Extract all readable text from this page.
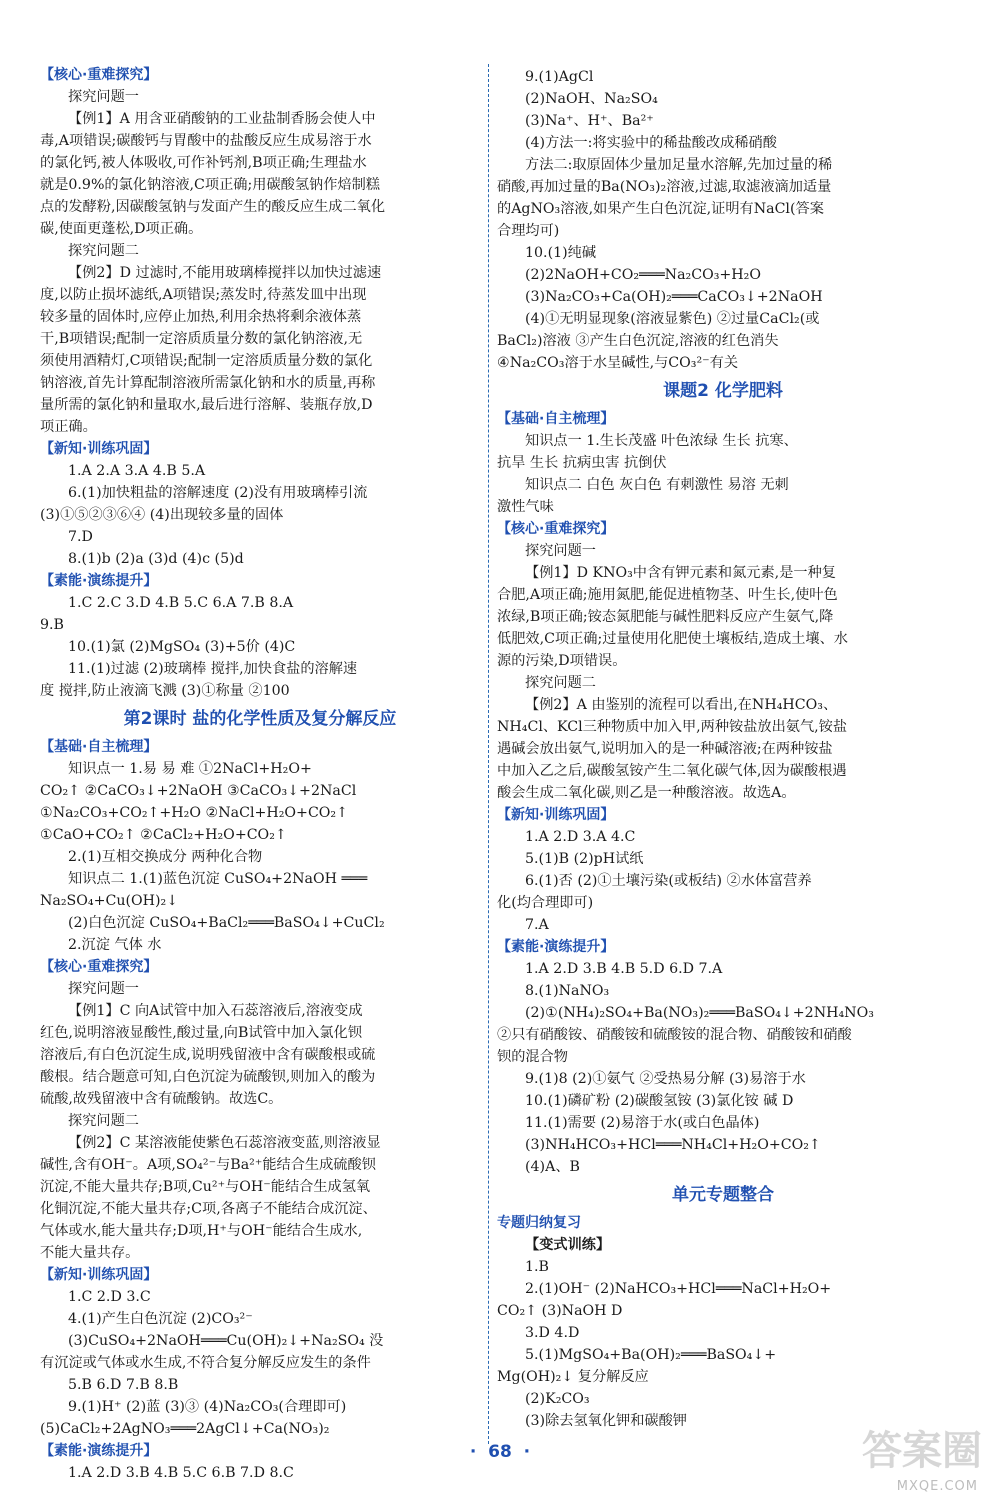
【核心·重难探究】
探究问题一
【例1】A 用含亚硝酸钠的工业盐制香肠会使人中
毒,A项错误;碳酸钙与胃酸中的盐酸反应生成易溶于水
的氯化钙,被人体吸收,可作补钙剂,B项正确;生理盐水
就是0.9%的氯化钠溶液,C项正确;用碳酸氢钠作焙制糕
点的发酵粉,因碳酸氢钠与发面产生的酸反应生成二氧化
碳,使面更蓬松,D项正确。
探究问题二
【例2】D 过滤时,不能用玻璃棒搅拌以加快过滤速
度,以防止损坏滤纸,A项错误;蒸发时,待蒸发皿中出现
较多量的固体时,应停止加热,利用余热将剩余液体蒸
干,B项错误;配制一定溶质质量分数的氯化钠溶液,无
须使用酒精灯,C项错误;配制一定溶质质量分数的氯化
钠溶液,首先计算配制溶液所需氯化钠和水的质量,再称
量所需的氯化钠和量取水,最后进行溶解、装瓶存放,D
项正确。
【新知·训练巩固】
1.A 2.A 3.A 4.B 5.A
6.(1)加快粗盐的溶解速度 (2)没有用玻璃棒引流
(3)①⑤②③⑥④ (4)出现较多量的固体
7.D
8.(1)b (2)a (3)d (4)c (5)d
【素能·演练提升】
1.C 2.C 3.D 4.B 5.C 6.A 7.B 8.A
9.B
10.(1)氯 (2)MgSO₄ (3)+5价 (4)C
11.(1)过滤 (2)玻璃棒 搅拌,加快食盐的溶解速
度 搅拌,防止液滴飞溅 (3)①称量 ②100
第2课时 盐的化学性质及复分解反应
【基础·自主梳理】
知识点一 1.易 易 难 ①2NaCl+H₂O+
CO₂↑ ②CaCO₃↓+2NaOH ③CaCO₃↓+2NaCl
①Na₂CO₃+CO₂↑+H₂O ②NaCl+H₂O+CO₂↑
①CaO+CO₂↑ ②CaCl₂+H₂O+CO₂↑
2.(1)互相交换成分 两种化合物
知识点二 1.(1)蓝色沉淀 CuSO₄+2NaOH ═══
Na₂SO₄+Cu(OH)₂↓
(2)白色沉淀 CuSO₄+BaCl₂═══BaSO₄↓+CuCl₂
2.沉淀 气体 水
【核心·重难探究】
探究问题一
【例1】C 向A试管中加入石蕊溶液后,溶液变成
红色,说明溶液显酸性,酸过量,向B试管中加入氯化钡
溶液后,有白色沉淀生成,说明残留液中含有碳酸根或硫
酸根。结合题意可知,白色沉淀为硫酸钡,则加入的酸为
硫酸,故残留液中含有硫酸钠。故选C。
探究问题二
【例2】C 某溶液能使紫色石蕊溶液变蓝,则溶液显
碱性,含有OH⁻。A项,SO₄²⁻与Ba²⁺能结合生成硫酸钡
沉淀,不能大量共存;B项,Cu²⁺与OH⁻能结合生成氢氧
化铜沉淀,不能大量共存;C项,各离子不能结合成沉淀、
气体或水,能大量共存;D项,H⁺与OH⁻能结合生成水,
不能大量共存。
【新知·训练巩固】
1.C 2.D 3.C
4.(1)产生白色沉淀 (2)CO₃²⁻
(3)CuSO₄+2NaOH═══Cu(OH)₂↓+Na₂SO₄ 没
有沉淀或气体或水生成,不符合复分解反应发生的条件
5.B 6.D 7.B 8.B
9.(1)H⁺ (2)蓝 (3)③ (4)Na₂CO₃(合理即可)
(5)CaCl₂+2AgNO₃═══2AgCl↓+Ca(NO₃)₂
【素能·演练提升】
1.A 2.D 3.B 4.B 5.C 6.B 7.D 8.C
9.(1)AgCl
(2)NaOH、Na₂SO₄
(3)Na⁺、H⁺、Ba²⁺
(4)方法一:将实验中的稀盐酸改成稀硝酸
方法二:取原固体少量加足量水溶解,先加过量的稀
硝酸,再加过量的Ba(NO₃)₂溶液,过滤,取滤液滴加适量
的AgNO₃溶液,如果产生白色沉淀,证明有NaCl(答案
合理均可)
10.(1)纯碱
(2)2NaOH+CO₂═══Na₂CO₃+H₂O
(3)Na₂CO₃+Ca(OH)₂═══CaCO₃↓+2NaOH
(4)①无明显现象(溶液显紫色) ②过量CaCl₂(或
BaCl₂)溶液 ③产生白色沉淀,溶液的红色消失
④Na₂CO₃溶于水呈碱性,与CO₃²⁻有关
课题2 化学肥料
【基础·自主梳理】
知识点一 1.生长茂盛 叶色浓绿 生长 抗寒、
抗旱 生长 抗病虫害 抗倒伏
知识点二 白色 灰白色 有刺激性 易溶 无刺
激性气味
【核心·重难探究】
探究问题一
【例1】D KNO₃中含有钾元素和氮元素,是一种复
合肥,A项正确;施用氮肥,能促进植物茎、叶生长,使叶色
浓绿,B项正确;铵态氮肥能与碱性肥料反应产生氨气,降
低肥效,C项正确;过量使用化肥使土壤板结,造成土壤、水
源的污染,D项错误。
探究问题二
【例2】A 由鉴别的流程可以看出,在NH₄HCO₃、
NH₄Cl、KCl三种物质中加入甲,两种铵盐放出氨气,铵盐
遇碱会放出氨气,说明加入的是一种碱溶液;在两种铵盐
中加入乙之后,碳酸氢铵产生二氧化碳气体,因为碳酸根遇
酸会生成二氧化碳,则乙是一种酸溶液。故选A。
【新知·训练巩固】
1.A 2.D 3.A 4.C
5.(1)B (2)pH试纸
6.(1)否 (2)①土壤污染(或板结) ②水体富营养
化(均合理即可)
7.A
【素能·演练提升】
1.A 2.D 3.B 4.B 5.D 6.D 7.A
8.(1)NaNO₃
(2)①(NH₄)₂SO₄+Ba(NO₃)₂═══BaSO₄↓+2NH₄NO₃
②只有硝酸铵、硝酸铵和硫酸铵的混合物、硝酸铵和硝酸
钡的混合物
9.(1)8 (2)①氨气 ②受热易分解 (3)易溶于水
10.(1)磷矿粉 (2)碳酸氢铵 (3)氯化铵 碱 D
11.(1)需要 (2)易溶于水(或白色晶体)
(3)NH₄HCO₃+HCl═══NH₄Cl+H₂O+CO₂↑
(4)A、B
单元专题整合
专题归纳复习
【变式训练】
1.B
2.(1)OH⁻ (2)NaHCO₃+HCl═══NaCl+H₂O+
CO₂↑ (3)NaOH D
3.D 4.D
5.(1)MgSO₄+Ba(OH)₂═══BaSO₄↓+
Mg(OH)₂↓ 复分解反应
(2)K₂CO₃
(3)除去氢氧化钾和碳酸钾
·  68  ·	答案圈
MXQE.COM
